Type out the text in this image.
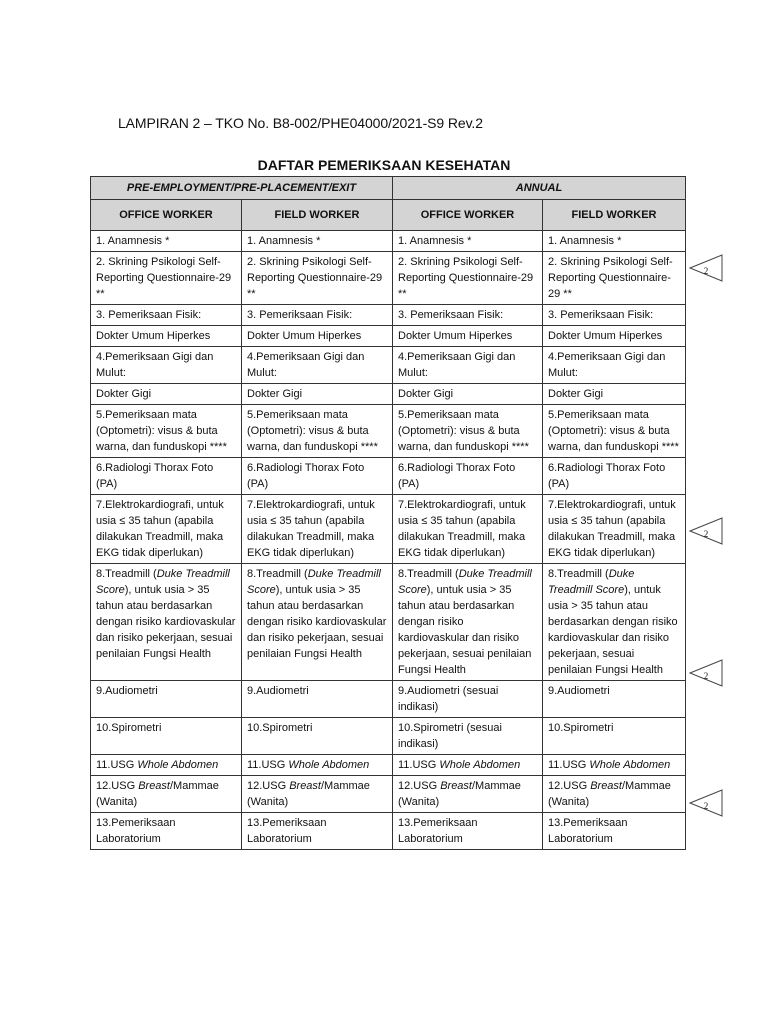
LAMPIRAN 2 – TKO No. B8-002/PHE04000/2021-S9 Rev.2
DAFTAR PEMERIKSAAN KESEHATAN
PRE-EMPLOYMENT/PRE-PLACEMENT/EXIT		ANNUAL	
OFFICE WORKER	FIELD WORKER	OFFICE WORKER	FIELD WORKER
1. Anamnesis *	1. Anamnesis *	1. Anamnesis *	1. Anamnesis *
2. Skrining Psikologi Self-Reporting Questionnaire-29 **	2. Skrining Psikologi Self-Reporting Questionnaire-29 **	2. Skrining Psikologi Self-Reporting Questionnaire-29 **	2. Skrining Psikologi Self-Reporting Questionnaire-29 **
3. Pemeriksaan Fisik:	3. Pemeriksaan Fisik:	3. Pemeriksaan Fisik:	3. Pemeriksaan Fisik:
Dokter Umum Hiperkes	Dokter Umum Hiperkes	Dokter Umum Hiperkes	Dokter Umum Hiperkes
4.Pemeriksaan Gigi dan Mulut:	4.Pemeriksaan Gigi dan Mulut:	4.Pemeriksaan Gigi dan Mulut:	4.Pemeriksaan Gigi dan Mulut:
Dokter Gigi	Dokter Gigi	Dokter Gigi	Dokter Gigi
5.Pemeriksaan mata (Optometri): visus & buta warna, dan funduskopi ****	5.Pemeriksaan mata (Optometri): visus & buta warna, dan funduskopi ****	5.Pemeriksaan mata (Optometri): visus & buta warna, dan funduskopi ****	5.Pemeriksaan mata (Optometri): visus & buta warna, dan funduskopi ****
6.Radiologi Thorax Foto (PA)	6.Radiologi Thorax Foto (PA)	6.Radiologi Thorax Foto (PA)	6.Radiologi Thorax Foto (PA)
7.Elektrokardiografi, untuk usia ≤ 35 tahun (apabila dilakukan Treadmill, maka EKG tidak diperlukan)	7.Elektrokardiografi, untuk usia ≤ 35 tahun (apabila dilakukan Treadmill, maka EKG tidak diperlukan)	7.Elektrokardiografi, untuk usia ≤ 35 tahun (apabila dilakukan Treadmill, maka EKG tidak diperlukan)	7.Elektrokardiografi, untuk usia ≤ 35 tahun (apabila dilakukan Treadmill, maka EKG tidak diperlukan)
8.Treadmill (Duke Treadmill Score), untuk usia > 35 tahun atau berdasarkan dengan risiko kardiovaskular dan risiko pekerjaan, sesuai penilaian Fungsi Health	8.Treadmill (Duke Treadmill Score), untuk usia > 35 tahun atau berdasarkan dengan risiko kardiovaskular dan risiko pekerjaan, sesuai penilaian Fungsi Health	8.Treadmill (Duke Treadmill Score), untuk usia > 35 tahun atau berdasarkan dengan risiko kardiovaskular dan risiko pekerjaan, sesuai penilaian Fungsi Health	8.Treadmill (Duke Treadmill Score), untuk usia > 35 tahun atau berdasarkan dengan risiko kardiovaskular dan risiko pekerjaan, sesuai penilaian Fungsi Health
9.Audiometri	9.Audiometri	9.Audiometri (sesuai indikasi)	9.Audiometri
10.Spirometri	10.Spirometri	10.Spirometri (sesuai indikasi)	10.Spirometri
11.USG Whole Abdomen	11.USG Whole Abdomen	11.USG Whole Abdomen	11.USG Whole Abdomen
12.USG Breast/Mammae (Wanita)	12.USG Breast/Mammae (Wanita)	12.USG Breast/Mammae (Wanita)	12.USG Breast/Mammae (Wanita)
13.Pemeriksaan Laboratorium	13.Pemeriksaan Laboratorium	13.Pemeriksaan Laboratorium	13.Pemeriksaan Laboratorium
2
2
2
2
